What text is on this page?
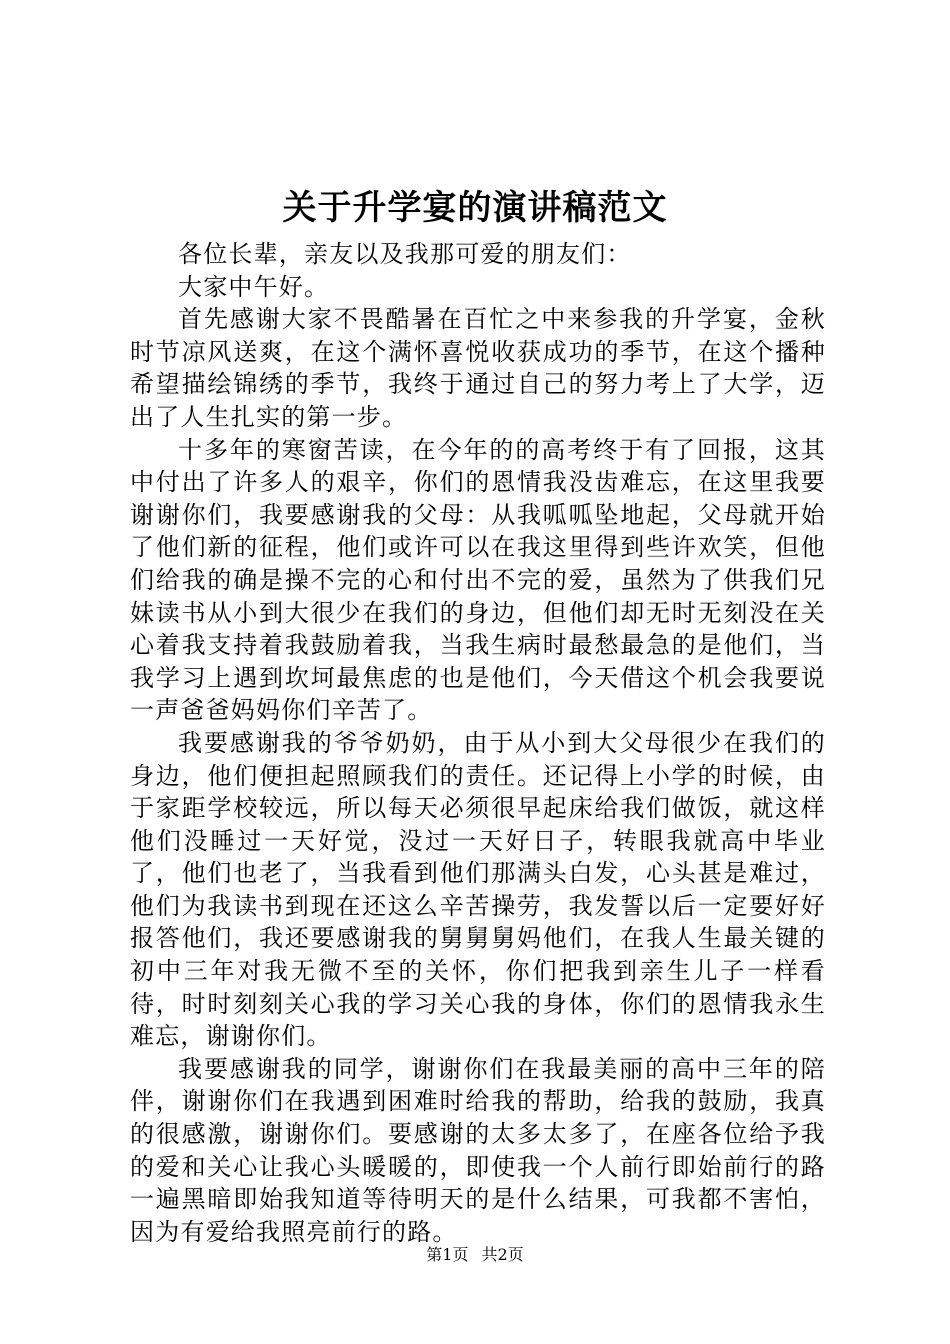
关于升学宴的演讲稿范文

各位长辈，亲友以及我那可爱的朋友们：

大家中午好。

首先感谢大家不畏酷暑在百忙之中来参我的升学宴，金秋时节凉风送爽，在这个满怀喜悦收获成功的季节，在这个播种希望描绘锦绣的季节，我终于通过自己的努力考上了大学，迈出了人生扎实的第一步。

十多年的寒窗苦读，在今年的的高考终于有了回报，这其中付出了许多人的艰辛，你们的恩情我没齿难忘，在这里我要谢谢你们，我要感谢我的父母：从我呱呱坠地起，父母就开始了他们新的征程，他们或许可以在我这里得到些许欢笑，但他们给我的确是操不完的心和付出不完的爱，虽然为了供我们兄妹读书从小到大很少在我们的身边，但他们却无时无刻没在关心着我支持着我鼓励着我，当我生病时最愁最急的是他们，当我学习上遇到坎坷最焦虑的也是他们，今天借这个机会我要说一声爸爸妈妈你们辛苦了。

我要感谢我的爷爷奶奶，由于从小到大父母很少在我们的身边，他们便担起照顾我们的责任。还记得上小学的时候，由于家距学校较远，所以每天必须很早起床给我们做饭，就这样他们没睡过一天好觉，没过一天好日子，转眼我就高中毕业了，他们也老了，当我看到他们那满头白发，心头甚是难过，他们为我读书到现在还这么辛苦操劳，我发誓以后一定要好好报答他们，我还要感谢我的舅舅舅妈他们，在我人生最关键的初中三年对我无微不至的关怀，你们把我到亲生儿子一样看待，时时刻刻关心我的学习关心我的身体，你们的恩情我永生难忘，谢谢你们。

我要感谢我的同学，谢谢你们在我最美丽的高中三年的陪伴，谢谢你们在我遇到困难时给我的帮助，给我的鼓励，我真的很感激，谢谢你们。要感谢的太多太多了，在座各位给予我的爱和关心让我心头暖暖的，即使我一个人前行即始前行的路一遍黑暗即始我知道等待明天的是什么结果，可我都不害怕，因为有爱给我照亮前行的路。

第1页 共2页
